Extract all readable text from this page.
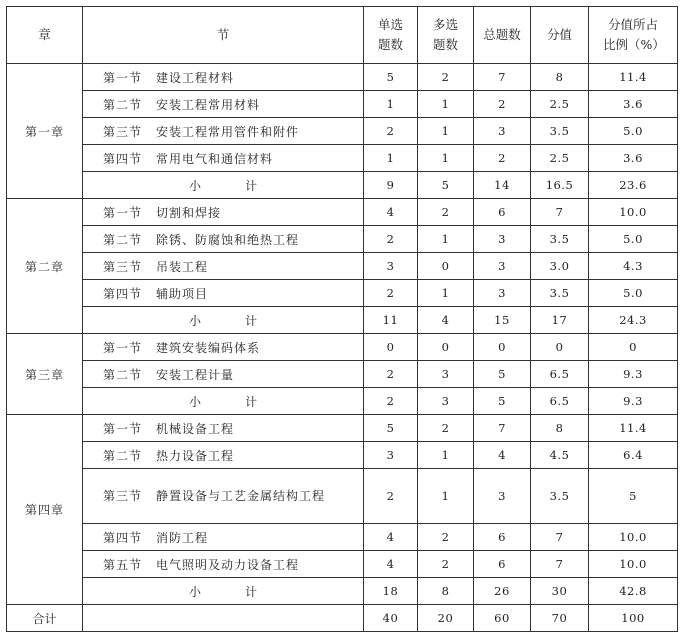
章	节	单选题数	多选题数	总题数	分值	分值所占比例（%）
第一章	第一节 建设工程材料	5	2	7	8	11.4
	第二节 安装工程常用材料	1	1	2	2.5	3.6
	第三节 安装工程常用管件和附件	2	1	3	3.5	5.0
	第四节 常用电气和通信材料	1	1	2	2.5	3.6
	小 计	9	5	14	16.5	23.6
第二章	第一节 切割和焊接	4	2	6	7	10.0
	第二节 除锈、防腐蚀和绝热工程	2	1	3	3.5	5.0
	第三节 吊装工程	3	0	3	3.0	4.3
	第四节 辅助项目	2	1	3	3.5	5.0
	小 计	11	4	15	17	24.3
第三章	第一节 建筑安装编码体系	0	0	0	0	0
	第二节 安装工程计量	2	3	5	6.5	9.3
	小 计	2	3	5	6.5	9.3
第四章	第一节 机械设备工程	5	2	7	8	11.4
	第二节 热力设备工程	3	1	4	4.5	6.4
	第三节 静置设备与工艺金属结构工程	2	1	3	3.5	5
	第四节 消防工程	4	2	6	7	10.0
	第五节 电气照明及动力设备工程	4	2	6	7	10.0
	小 计	18	8	26	30	42.8
合计		40	20	60	70	100
